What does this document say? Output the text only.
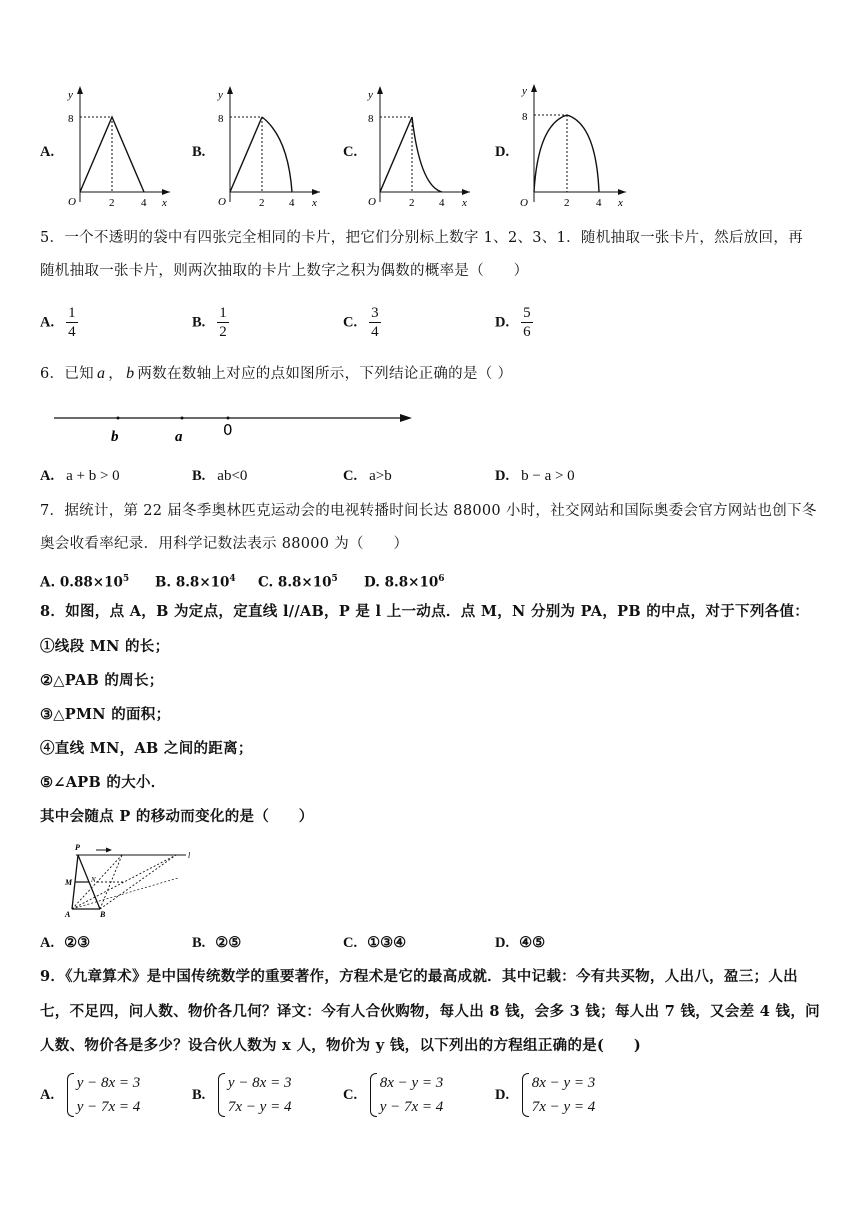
A.
y
8
O	2 4 x
B.
y
8
O	2 4 x
C.
y
8
O	2 4 x
D.
y
8
O	2 4 x
5．一个不透明的袋中有四张完全相同的卡片，把它们分别标上数字 1、2、3、1．随机抽取一张卡片，然后放回，再
随机抽取一张卡片，则两次抽取的卡片上数字之积为偶数的概率是（　　）
A. $\frac{1}{4}$	B. $\frac{1}{2}$	C. $\frac{3}{4}$	D. $\frac{5}{6}$
6．已知 a ， b 两数在数轴上对应的点如图所示，下列结论正确的是（ ）
b	a	0
A. a + b > 0	B. ab<0	C. a>b	D. b − a > 0
7．据统计，第 22 届冬季奥林匹克运动会的电视转播时间长达 88000 小时，社交网站和国际奥委会官方网站也创下冬
奥会收看率纪录．用科学记数法表示 88000 为（　　）
A. $0.88\times 10^5$ B. $8.8\times 10^4$ C. $8.8\times 10^5$ D. $8.8\times 10^6$
8．如图，点 A，B 为定点，定直线 l//AB，P 是 l 上一动点．点 M，N 分别为 PA，PB 的中点，对于下列各值：
①线段 MN 的长；
②△PAB 的周长；
③△PMN 的面积；
④直线 MN，AB 之间的距离；
⑤∠APB 的大小．
其中会随点 P 的移动而变化的是（　　）
P
l
M	N
A	B
A. ②③	B. ②⑤	C. ①③④	D. ④⑤
9．《九章算术》是中国传统数学的重要著作，方程术是它的最高成就．其中记载：今有共买物，人出八，盈三；人出
七，不足四，问人数、物价各几何？译文：今有人合伙购物，每人出 8 钱，会多 3 钱；每人出 7 钱，又会差 4 钱，问
人数、物价各是多少？设合伙人数为 x 人，物价为 y 钱，以下列出的方程组正确的是(　　)
A.
y − 8x = 3
y − 7x = 4
B.
y − 8x = 3
7x − y = 4
C.
8x − y = 3
y − 7x = 4
D.
8x − y = 3
7x − y = 4
